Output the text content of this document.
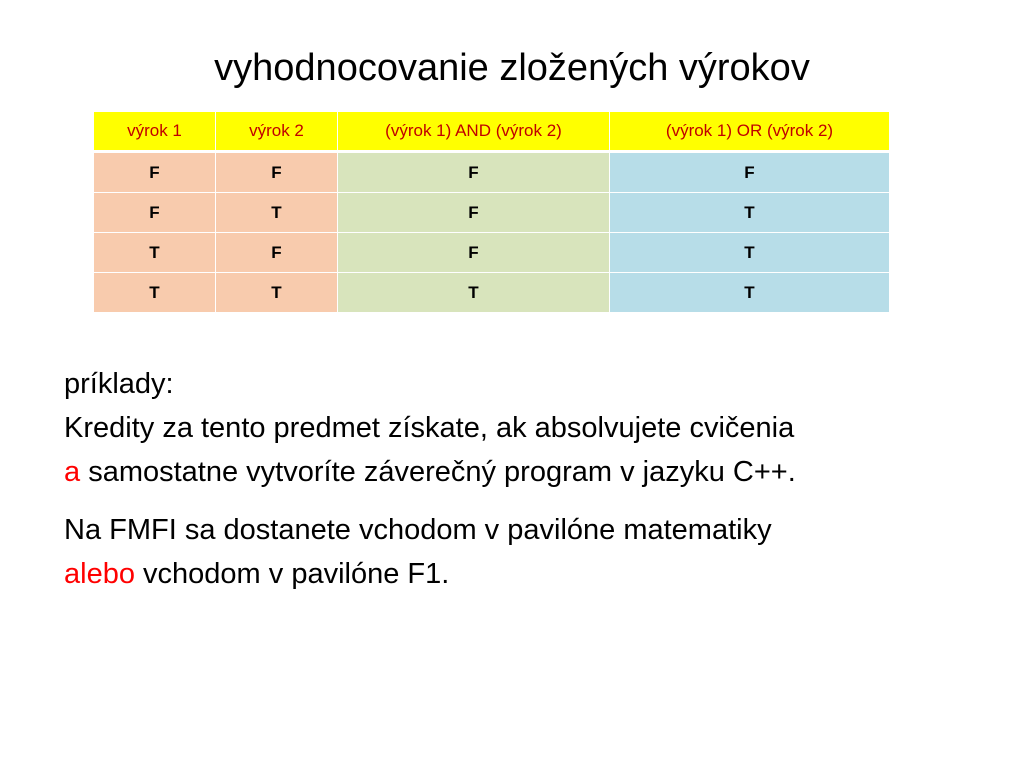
vyhodnocovanie zložených výrokov
výrok 1	výrok 2	(výrok 1) AND (výrok 2)	(výrok 1) OR (výrok 2)
F	F	F	F
F	T	F	T
T	F	F	T
T	T	T	T

príklady:

Kredity za tento predmet získate, ak absolvujete cvičenia

a samostatne vytvoríte záverečný program v jazyku C++.

Na FMFI sa dostanete vchodom v pavilóne matematiky

alebo vchodom v pavilóne F1.
